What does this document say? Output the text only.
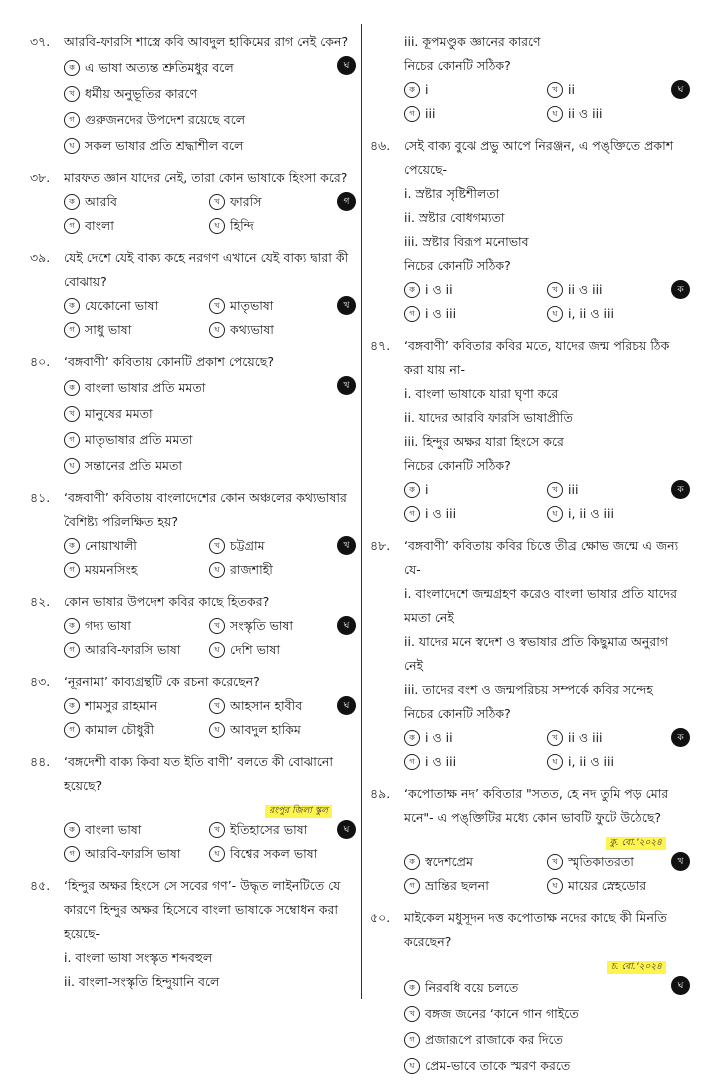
৩৭.	আরবি-ফারসি শাস্ত্রে কবি আবদুল হাকিমের রাগ নেই কেন?
ক এ ভাষা অত্যন্ত শ্রুতিমধুর বলে
খ ধর্মীয় অনুভূতির কারণে
গ গুরুজনদের উপদেশ রয়েছে বলে
ঘ সকল ভাষার প্রতি শ্রদ্ধাশীল বলে
ঘ
৩৮.	মারফত জ্ঞান যাদের নেই, তারা কোন ভাষাকে হিংসা করে?
ক আরবি	খ ফারসি
গ বাংলা	ঘ হিন্দি
গ
৩৯.	যেই দেশে যেই বাক্য কহে নরগণ এখানে যেই বাক্য দ্বারা কী বোঝায়?
ক যেকোনো ভাষা	খ মাতৃভাষা
গ সাধু ভাষা	ঘ কথ্যভাষা
খ
৪০.	‘বঙ্গবাণী’ কবিতায় কোনটি প্রকাশ পেয়েছে?
ক বাংলা ভাষার প্রতি মমতা
খ মানুষের মমতা
গ মাতৃভাষার প্রতি মমতা
ঘ সন্তানের প্রতি মমতা
খ
৪১.	‘বঙ্গবাণী’ কবিতায় বাংলাদেশের কোন অঞ্চলের কথ্যভাষার বৈশিষ্ট্য পরিলক্ষিত হয়?
ক নোয়াখালী	খ চট্টগ্রাম
গ ময়মনসিংহ	ঘ রাজশাহী
খ
৪২.	কোন ভাষার উপদেশ কবির কাছে হিতকর?
ক গদ্য ভাষা	খ সংস্কৃতি ভাষা
গ আরবি-ফারসি ভাষা	ঘ দেশি ভাষা
ঘ
৪৩.	‘নূরনামা’ কাব্যগ্রন্থটি কে রচনা করেছেন?
ক শামসুর রাহমান	খ আহসান হাবীব
গ কামাল চৌধুরী	ঘ আবদুল হাকিম
ঘ
৪৪.	‘বঙ্গদেশী বাক্য কিবা যত ইতি বাণী’ বলতে কী বোঝানো হয়েছে?
রংপুর জিলা স্কুল
ক বাংলা ভাষা	খ ইতিহাসের ভাষা
গ আরবি-ফারসি ভাষা	ঘ বিশ্বের সকল ভাষা
ঘ
৪৫.	‘হিন্দুর অক্ষর হিংসে সে সবের গণ’- উদ্ধৃত লাইনটিতে যে কারণে হিন্দুর অক্ষর হিসেবে বাংলা ভাষাকে সম্বোধন করা হয়েছে-
i. বাংলা ভাষা সংস্কৃত শব্দবহুল
ii. বাংলা-সংস্কৃতি হিন্দুয়ানি বলে
iii. কূপমণ্ডুক জ্ঞানের কারণে
নিচের কোনটি সঠিক?
ক i	খ ii
গ iii	ঘ ii ও iii
ঘ
৪৬.	সেই বাক্য বুঝে প্রভু আপে নিরঞ্জন, এ পঙ্‌ক্তিতে প্রকাশ পেয়েছে-
i. স্রষ্টার সৃষ্টিশীলতা
ii. স্রষ্টার বোধগম্যতা
iii. স্রষ্টার বিরূপ মনোভাব
নিচের কোনটি সঠিক?
ক i ও ii	খ ii ও iii
গ i ও iii	ঘ i, ii ও iii
ক
৪৭.	‘বঙ্গবাণী’ কবিতার কবির মতে, যাদের জন্ম পরিচয় ঠিক করা যায় না-
i. বাংলা ভাষাকে যারা ঘৃণা করে
ii. যাদের আরবি ফারসি ভাষাপ্রীতি
iii. হিন্দুর অক্ষর যারা হিংসে করে
নিচের কোনটি সঠিক?
ক i	খ iii
গ i ও iii	ঘ i, ii ও iii
ক
৪৮.	‘বঙ্গবাণী’ কবিতায় কবির চিত্তে তীব্র ক্ষোভ জন্মে এ জন্য যে-
i. বাংলাদেশে জন্মগ্রহণ করেও বাংলা ভাষার প্রতি যাদের মমতা নেই
ii. যাদের মনে স্বদেশ ও স্বভাষার প্রতি কিছুমাত্র অনুরাগ নেই
iii. তাদের বংশ ও জন্মপরিচয় সম্পর্কে কবির সন্দেহ
নিচের কোনটি সঠিক?
ক i ও ii	খ ii ও iii
গ i ও iii	ঘ i, ii ও iii
ক
৪৯.	‘কপোতাক্ষ নদ’ কবিতার "সতত, হে নদ তুমি পড় মোর মনে"- এ পঙ্‌ক্তিটির মধ্যে কোন ভাবটি ফুটে উঠেছে?
কু. বো.’২০২৪
ক স্বদেশপ্রেম	খ স্মৃতিকাতরতা
গ ভ্রান্তির ছলনা	ঘ মায়ের স্নেহডোর
খ
৫০.	মাইকেল মধুসূদন দত্ত কপোতাক্ষ নদের কাছে কী মিনতি করেছেন?
চ. বো.’২০২৪
ক নিরবধি বয়ে চলতে
খ বঙ্গজ জনের ‘কানে গান গাইতে
গ প্রজারূপে রাজাকে কর দিতে
ঘ প্রেম-ভাবে তাকে স্মরণ করতে
ঘ
